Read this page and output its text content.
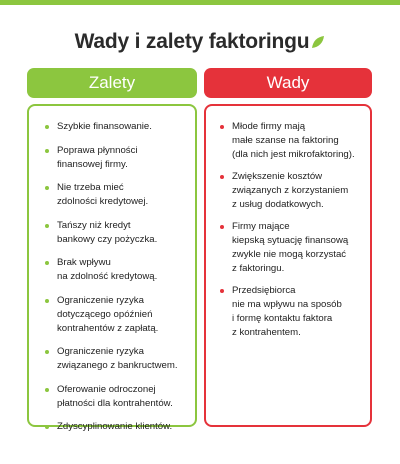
Wady i zalety faktoringu
Zalety	Wady
Szybkie finansowanie.
Poprawa płynności
finansowej firmy.
Nie trzeba mieć
zdolności kredytowej.
Tańszy niż kredyt
bankowy czy pożyczka.
Brak wpływu
na zdolność kredytową.
Ograniczenie ryzyka
dotyczącego opóźnień
kontrahentów z zapłatą.
Ograniczenie ryzyka
związanego z bankructwem.
Oferowanie odroczonej
płatności dla kontrahentów.
Zdyscyplinowanie klientów.
Młode firmy mają
małe szanse na faktoring
(dla nich jest mikrofaktoring).
Zwiększenie kosztów
związanych z korzystaniem
z usług dodatkowych.
Firmy mające
kiepską sytuację finansową
zwykle nie mogą korzystać
z faktoringu.
Przedsiębiorca
nie ma wpływu na sposób
i formę kontaktu faktora
z kontrahentem.
